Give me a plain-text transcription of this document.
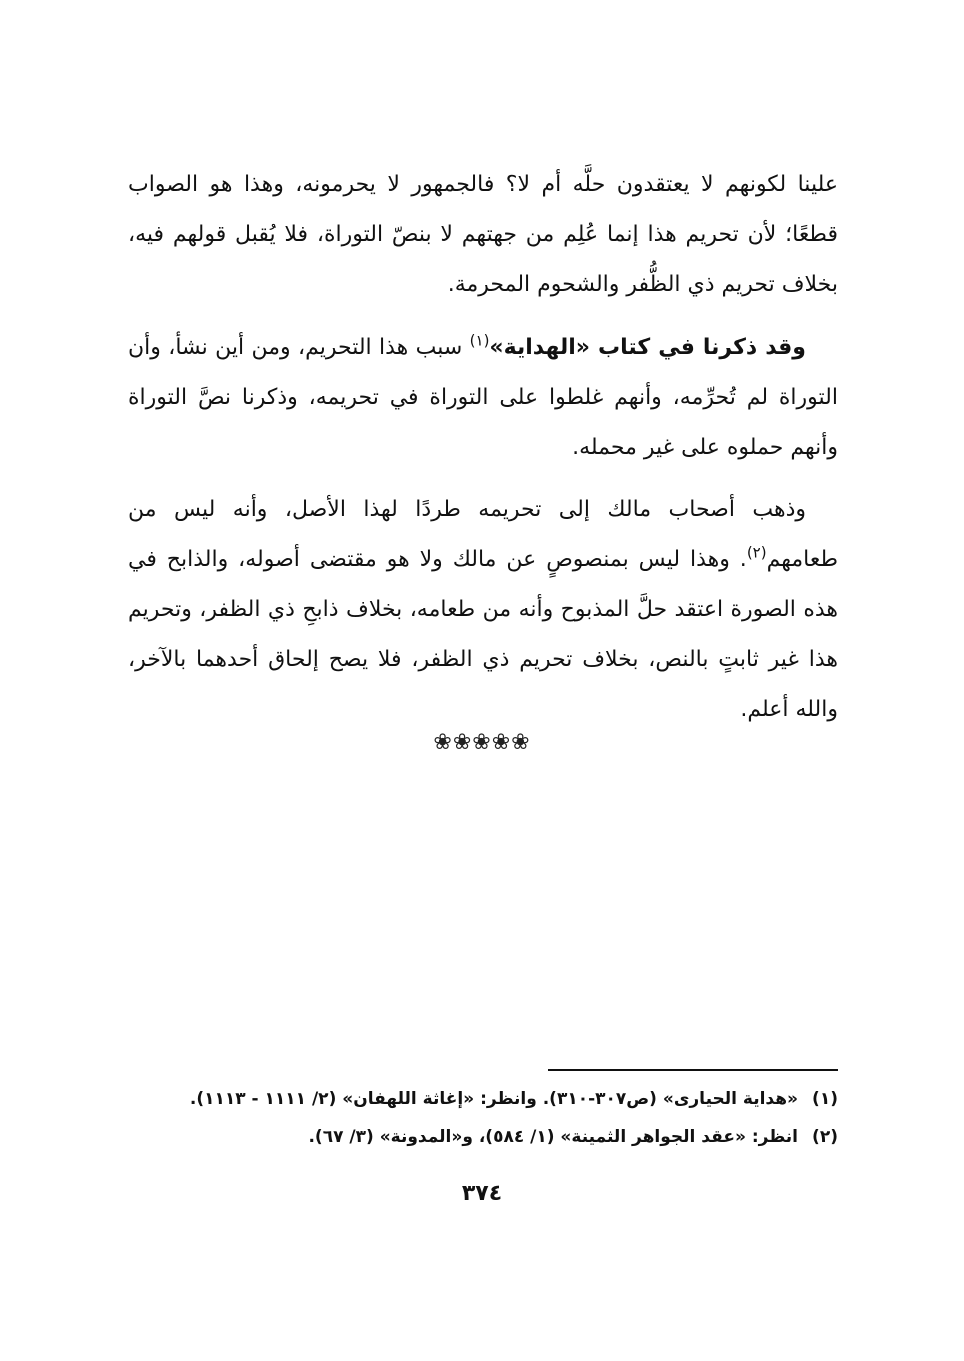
علينا لكونهم لا يعتقدون حلَّه أم لا؟ فالجمهور لا يحرمونه، وهذا هو الصواب قطعًا؛ لأن تحريم هذا إنما عُلِم من جهتهم لا بنصّ التوراة، فلا يُقبل قولهم فيه، بخلاف تحريم ذي الظُّفر والشحوم المحرمة.

وقد ذكرنا في كتاب «الهداية»$^{(١)}$ سبب هذا التحريم، ومن أين نشأ، وأن التوراة لم تُحرِّمه، وأنهم غلطوا على التوراة في تحريمه، وذكرنا نصَّ التوراة وأنهم حملوه على غير محمله.

وذهب أصحاب مالك إلى تحريمه طردًا لهذا الأصل، وأنه ليس من طعامهم$^{(٢)}$. وهذا ليس بمنصوصٍ عن مالك ولا هو مقتضى أصوله، والذابح في هذه الصورة اعتقد حلَّ المذبوح وأنه من طعامه، بخلاف ذابحِ ذي الظفر، وتحريم هذا غير ثابتٍ بالنص، بخلاف تحريم ذي الظفر، فلا يصح إلحاق أحدهما بالآخر، والله أعلم.

❀❀❀❀❀
(١)«هداية الحيارى» (ص٣٠٧-٣١٠). وانظر: «إغاثة اللهفان» (٢/ ١١١١ - ١١١٣).
(٢)انظر: «عقد الجواهر الثمينة» (١/ ٥٨٤)، و«المدونة» (٣/ ٦٧).
٣٧٤
